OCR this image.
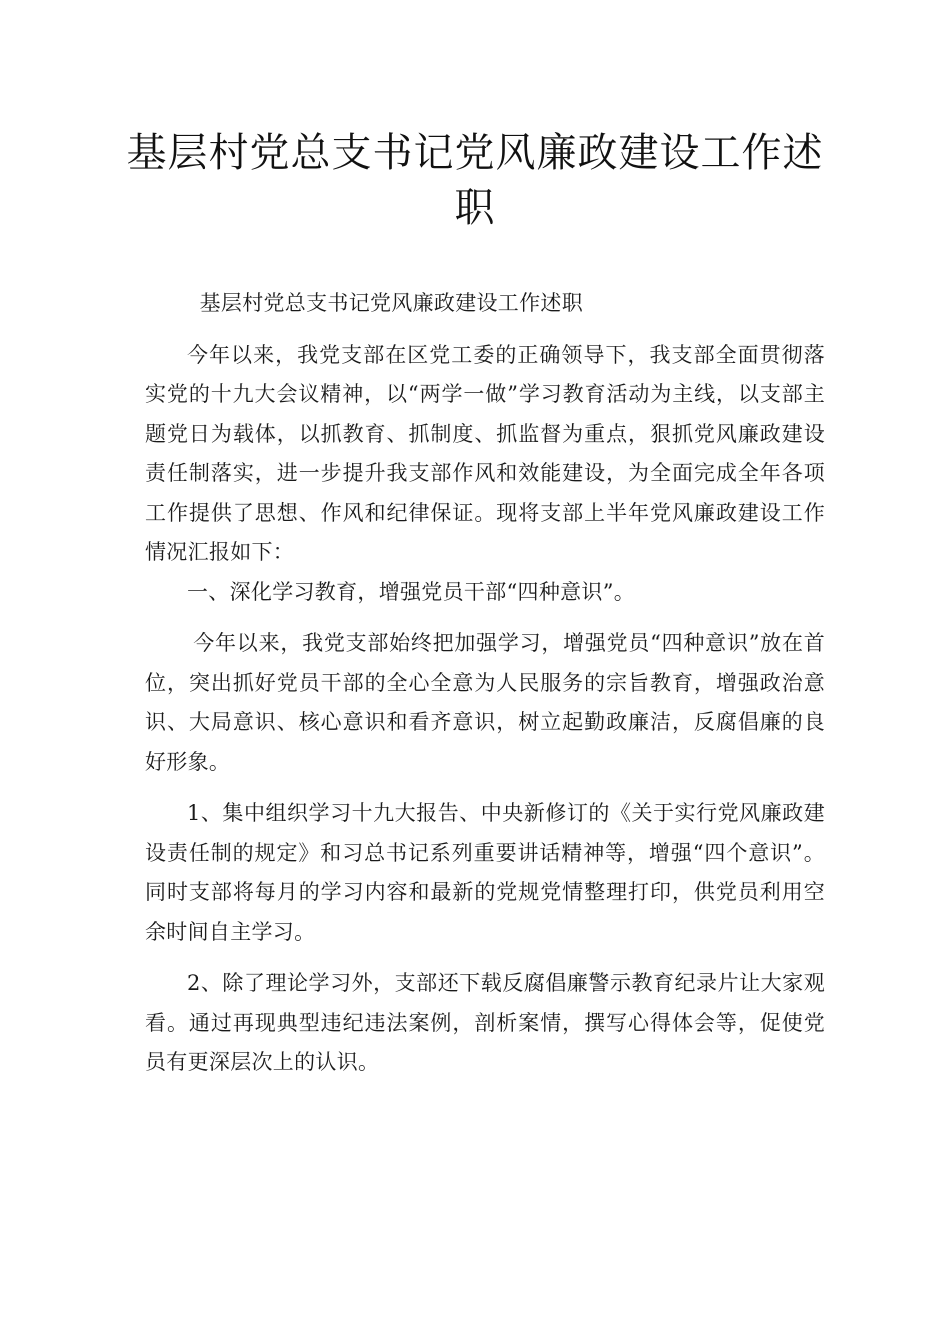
基层村党总支书记党风廉政建设工作述职

基层村党总支书记党风廉政建设工作述职

今年以来，我党支部在区党工委的正确领导下，我支部全面贯彻落实党的十九大会议精神，以“两学一做”学习教育活动为主线，以支部主题党日为载体，以抓教育、抓制度、抓监督为重点，狠抓党风廉政建设责任制落实，进一步提升我支部作风和效能建设，为全面完成全年各项工作提供了思想、作风和纪律保证。现将支部上半年党风廉政建设工作情况汇报如下：

一、深化学习教育，增强党员干部“四种意识”。

今年以来，我党支部始终把加强学习，增强党员“四种意识”放在首位，突出抓好党员干部的全心全意为人民服务的宗旨教育，增强政治意识、大局意识、核心意识和看齐意识，树立起勤政廉洁，反腐倡廉的良好形象。

1、集中组织学习十九大报告、中央新修订的《关于实行党风廉政建设责任制的规定》和习总书记系列重要讲话精神等，增强“四个意识”。同时支部将每月的学习内容和最新的党规党情整理打印，供党员利用空余时间自主学习。

2、除了理论学习外，支部还下载反腐倡廉警示教育纪录片让大家观看。通过再现典型违纪违法案例，剖析案情，撰写心得体会等，促使党员有更深层次上的认识。
